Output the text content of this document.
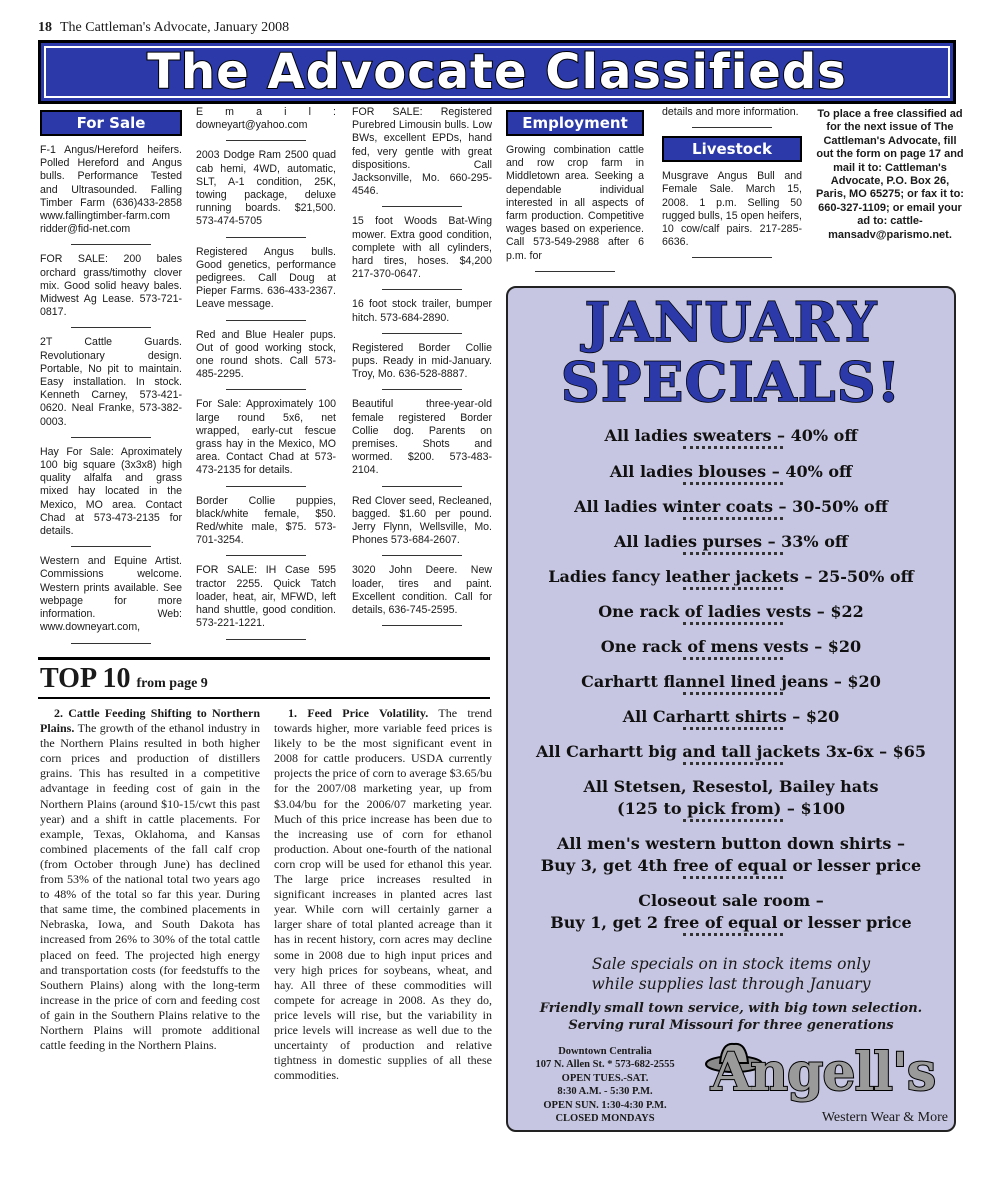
18 The Cattleman's Advocate, January 2008
The Advocate Classifieds
For Sale

F-1 Angus/Hereford heifers. Polled Hereford and Angus bulls. Performance Tested and Ultrasounded. Falling Timber Farm (636)433-2858 www.fallingtimber-farm.com ridder@fid-net.com

FOR SALE: 200 bales orchard grass/timothy clover mix. Good solid heavy bales. Midwest Ag Lease. 573-721-0817.

2T Cattle Guards. Revolutionary design. Portable, No pit to maintain. Easy installation. In stock. Kenneth Carney, 573-421-0620. Neal Franke, 573-382-0003.

Hay For Sale: Aproximately 100 big square (3x3x8) high quality alfalfa and grass mixed hay located in the Mexico, MO area. Contact Chad at 573-473-2135 for details.

Western and Equine Artist. Commissions welcome. Western prints available. See webpage for more information. Web: www.downeyart.com,

E m a i l : downeyart@yahoo.com

2003 Dodge Ram 2500 quad cab hemi, 4WD, automatic, SLT, A-1 condition, 25K, towing package, deluxe running boards. $21,500. 573-474-5705

Registered Angus bulls. Good genetics, performance pedigrees. Call Doug at Pieper Farms. 636-433-2367. Leave message.

Red and Blue Healer pups. Out of good working stock, one round shots. Call 573-485-2295.

For Sale: Approximately 100 large round 5x6, net wrapped, early-cut fescue grass hay in the Mexico, MO area. Contact Chad at 573-473-2135 for details.

Border Collie puppies, black/white female, $50. Red/white male, $75. 573-701-3254.

FOR SALE: IH Case 595 tractor 2255. Quick Tatch loader, heat, air, MFWD, left hand shuttle, good condition. 573-221-1221.

FOR SALE: Registered Purebred Limousin bulls. Low BWs, excellent EPDs, hand fed, very gentle with great dispositions. Call Jacksonville, Mo. 660-295-4546.

15 foot Woods Bat-Wing mower. Extra good condition, complete with all cylinders, hard tires, hoses. $4,200 217-370-0647.

16 foot stock trailer, bumper hitch. 573-684-2890.

Registered Border Collie pups. Ready in mid-January. Troy, Mo. 636-528-8887.

Beautiful three-year-old female registered Border Collie dog. Parents on premises. Shots and wormed. $200. 573-483-2104.

Red Clover seed, Recleaned, bagged. $1.60 per pound. Jerry Flynn, Wellsville, Mo. Phones 573-684-2607.

3020 John Deere. New loader, tires and paint. Excellent condition. Call for details, 636-745-2595.

Employment

Growing combination cattle and row crop farm in Middletown area. Seeking a dependable individual interested in all aspects of farm production. Competitive wages based on experience. Call 573-549-2988 after 6 p.m. for

details and more information.

Livestock

Musgrave Angus Bull and Female Sale. March 15, 2008. 1 p.m. Selling 50 rugged bulls, 15 open heifers, 10 cow/calf pairs. 217-285-6636.

To place a free classified ad for the next issue of The Cattleman's Advocate, fill out the form on page 17 and mail it to: Cattleman's Advocate, P.O. Box 26, Paris, MO 65275; or fax it to: 660-327-1109; or email your ad to: cattle-mansadv@parismo.net.
TOP 10 from page 9

2. Cattle Feeding Shifting to Northern Plains. The growth of the ethanol industry in the Northern Plains resulted in both higher corn prices and production of distillers grains. This has resulted in a competitive advantage in feeding cost of gain in the Northern Plains (around $10-15/cwt this past year) and a shift in cattle placements. For example, Texas, Oklahoma, and Kansas combined placements of the fall calf crop (from October through June) has declined from 53% of the national total two years ago to 48% of the total so far this year. During that same time, the combined placements in Nebraska, Iowa, and South Dakota has increased from 26% to 30% of the total cattle placed on feed. The projected high energy and transportation costs (for feedstuffs to the Southern Plains) along with the long-term increase in the price of corn and feeding cost of gain in the Southern Plains relative to the Northern Plains will promote additional cattle feeding in the Northern Plains.

1. Feed Price Volatility. The trend towards higher, more variable feed prices is likely to be the most significant event in 2008 for cattle producers. USDA currently projects the price of corn to average $3.65/bu for the 2007/08 marketing year, up from $3.04/bu for the 2006/07 marketing year. Much of this price increase has been due to the increasing use of corn for ethanol production. About one-fourth of the national corn crop will be used for ethanol this year. The large price increases resulted in significant increases in planted acres last year. While corn will certainly garner a larger share of total planted acreage than it has in recent history, corn acres may decline some in 2008 due to high input prices and very high prices for soybeans, wheat, and hay. All three of these commodities will compete for acreage in 2008. As they do, price levels will rise, but the variability in price levels will increase as well due to the uncertainty of production and relative tightness in domestic supplies of all these commodities.

JANUARY
SPECIALS!
All ladies sweaters – 40% off
All ladies blouses – 40% off
All ladies winter coats – 30-50% off
All ladies purses – 33% off
Ladies fancy leather jackets – 25-50% off
One rack of ladies vests – $22
One rack of mens vests – $20
Carhartt flannel lined jeans – $20
All Carhartt shirts – $20
All Carhartt big and tall jackets 3x-6x – $65
All Stetsen, Resestol, Bailey hats
(125 to pick from) – $100
All men's western button down shirts –
Buy 3, get 4th free of equal or lesser price
Closeout sale room –
Buy 1, get 2 free of equal or lesser price
Sale specials on in stock items only
while supplies last through January
Friendly small town service, with big town selection.
Serving rural Missouri for three generations
Downtown Centralia
107 N. Allen St. * 573-682-2555
OPEN TUES.-SAT.
8:30 A.M. - 5:30 P.M.
OPEN SUN. 1:30-4:30 P.M.
CLOSED MONDAYS
Angell's
Western Wear & More
